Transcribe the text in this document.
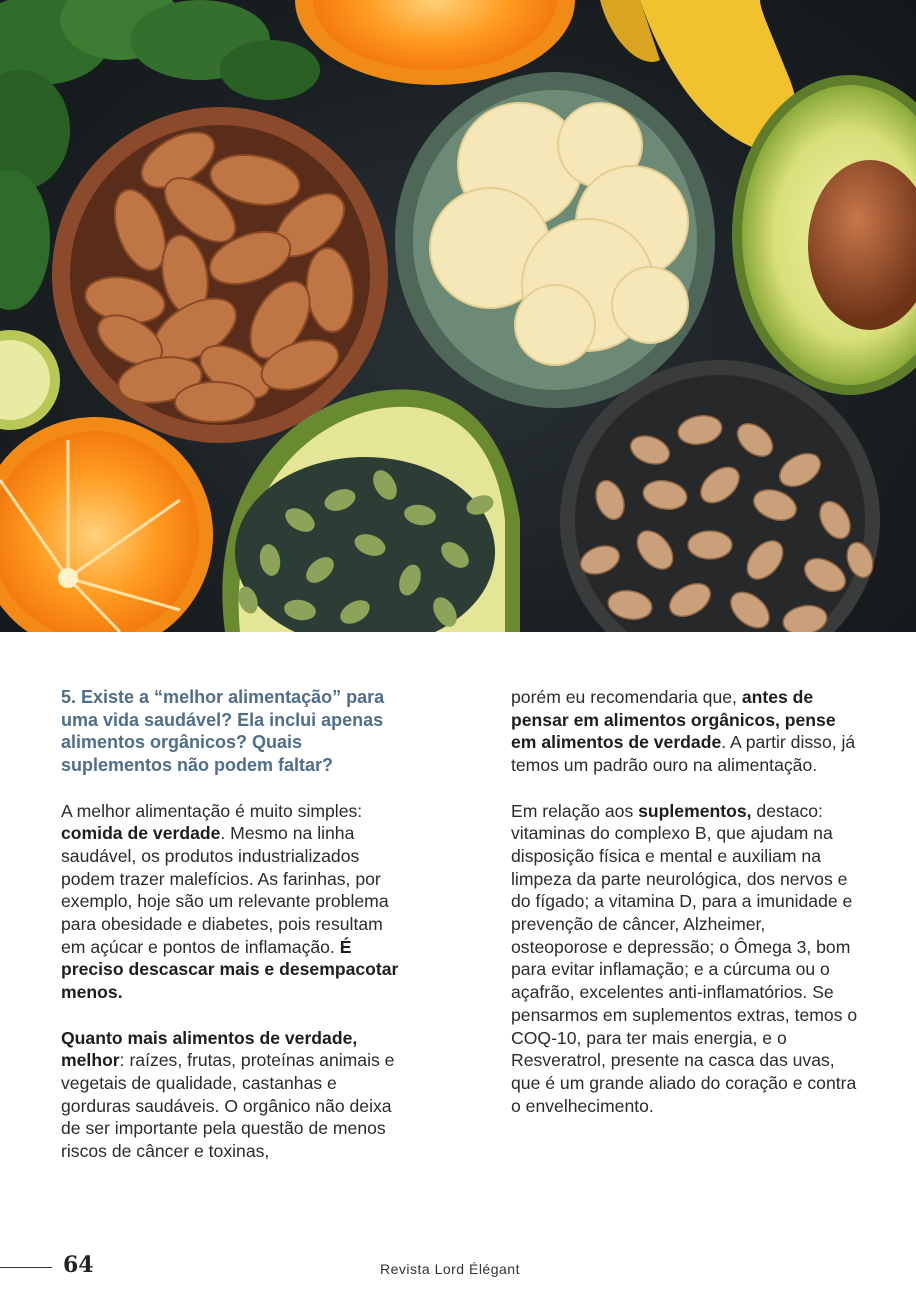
5. Existe a “melhor alimentação” para uma vida saudável? Ela inclui apenas alimentos orgânicos? Quais suplementos não podem faltar?

A melhor alimentação é muito simples: comida de verdade. Mesmo na linha saudável, os produtos industrializados podem trazer malefícios. As farinhas, por exemplo, hoje são um relevante problema para obesidade e diabetes, pois resultam em açúcar e pontos de inflamação. É preciso descascar mais e desempacotar menos.

Quanto mais alimentos de verdade, melhor: raízes, frutas, proteínas animais e vegetais de qualidade, castanhas e gorduras saudáveis. O orgânico não deixa de ser importante pela questão de menos riscos de câncer e toxinas,

porém eu recomendaria que, antes de pensar em alimentos orgânicos, pense em alimentos de verdade. A partir disso, já temos um padrão ouro na alimentação.

Em relação aos suplementos, destaco: vitaminas do complexo B, que ajudam na disposição física e mental e auxiliam na limpeza da parte neurológica, dos nervos e do fígado; a vitamina D, para a imunidade e prevenção de câncer, Alzheimer, osteoporose e depressão; o Ômega 3, bom para evitar inflamação; e a cúrcuma ou o açafrão, excelentes anti-inflamatórios. Se pensarmos em suplementos extras, temos o COQ-10, para ter mais energia, e o Resveratrol, presente na casca das uvas, que é um grande aliado do coração e contra o envelhecimento.

64	Revista Lord Élégant
